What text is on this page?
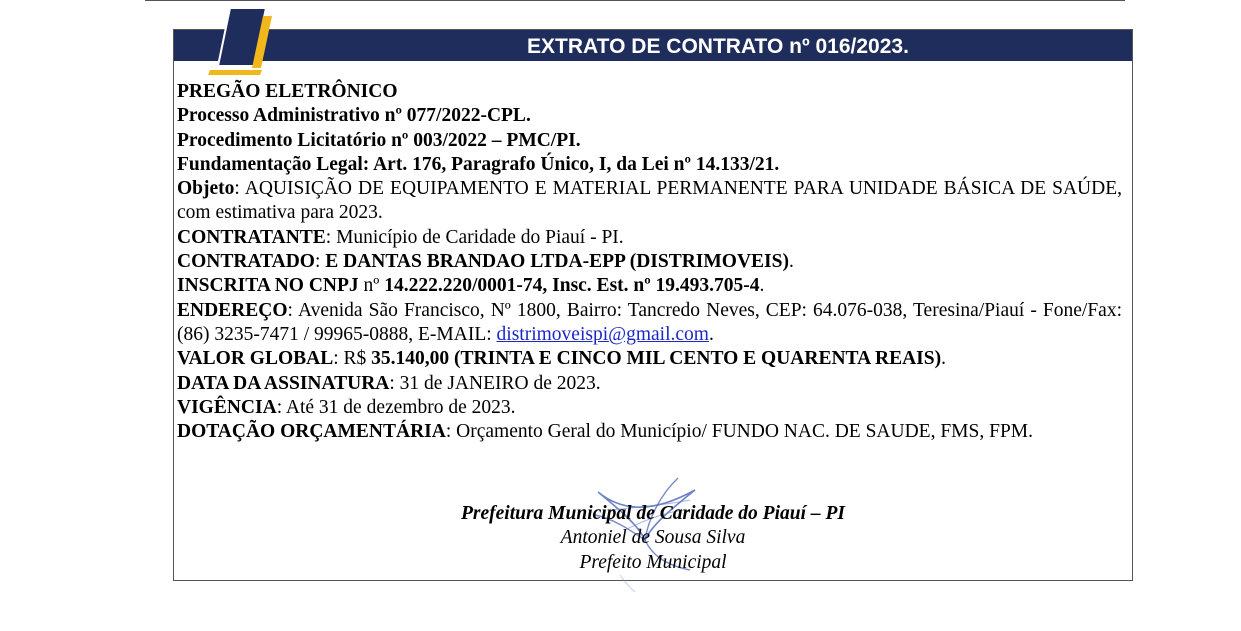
EXTRATO DE CONTRATO nº 016/2023.

PREGÃO ELETRÔNICO

Processo Administrativo nº 077/2022-CPL.

Procedimento Licitatório nº 003/2022 – PMC/PI.

Fundamentação Legal: Art. 176, Paragrafo Único, I, da Lei nº 14.133/21.

Objeto: AQUISIÇÃO DE EQUIPAMENTO E MATERIAL PERMANENTE PARA UNIDADE BÁSICA DE SAÚDE, com estimativa para 2023.

CONTRATANTE: Município de Caridade do Piauí - PI.

CONTRATADO: E DANTAS BRANDAO LTDA-EPP (DISTRIMOVEIS).

INSCRITA NO CNPJ nº 14.222.220/0001-74, Insc. Est. nº 19.493.705-4.

ENDEREÇO: Avenida São Francisco, Nº 1800, Bairro: Tancredo Neves, CEP: 64.076-038, Teresina/Piauí - Fone/Fax: (86) 3235-7471 / 99965-0888, E-MAIL: distrimoveispi@gmail.com.

VALOR GLOBAL: R$ 35.140,00 (TRINTA E CINCO MIL CENTO E QUARENTA REAIS).

DATA DA ASSINATURA: 31 de JANEIRO de 2023.

VIGÊNCIA: Até 31 de dezembro de 2023.

DOTAÇÃO ORÇAMENTÁRIA: Orçamento Geral do Município/ FUNDO NAC. DE SAUDE, FMS, FPM.

Prefeitura Municipal de Caridade do Piauí – PI
Antoniel de Sousa Silva
Prefeito Municipal
